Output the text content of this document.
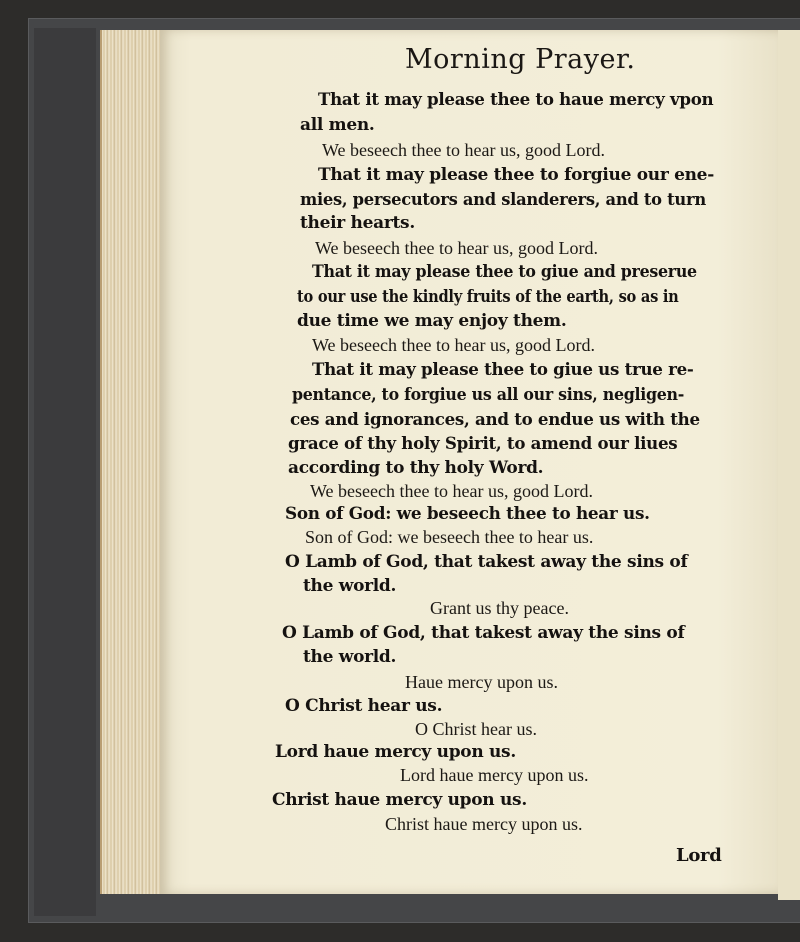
Morning Prayer.
That it may please thee to haue mercy vpon
all men.
We beseech thee to hear us, good Lord.
That it may please thee to forgiue our ene-
mies, persecutors and slanderers, and to turn
their hearts.
We beseech thee to hear us, good Lord.
That it may please thee to giue and preserue
to our use the kindly fruits of the earth, so as in
due time we may enjoy them.
We beseech thee to hear us, good Lord.
That it may please thee to giue us true re-
pentance, to forgiue us all our sins, negligen-
ces and ignorances, and to endue us with the
grace of thy holy Spirit, to amend our liues
according to thy holy Word.
We beseech thee to hear us, good Lord.
Son of God: we beseech thee to hear us.
Son of God: we beseech thee to hear us.
O Lamb of God, that takest away the sins of
the world.
Grant us thy peace.
O Lamb of God, that takest away the sins of
the world.
Haue mercy upon us.
O Christ hear us.
O Christ hear us.
Lord haue mercy upon us.
Lord haue mercy upon us.
Christ haue mercy upon us.
Christ haue mercy upon us.
Lord
